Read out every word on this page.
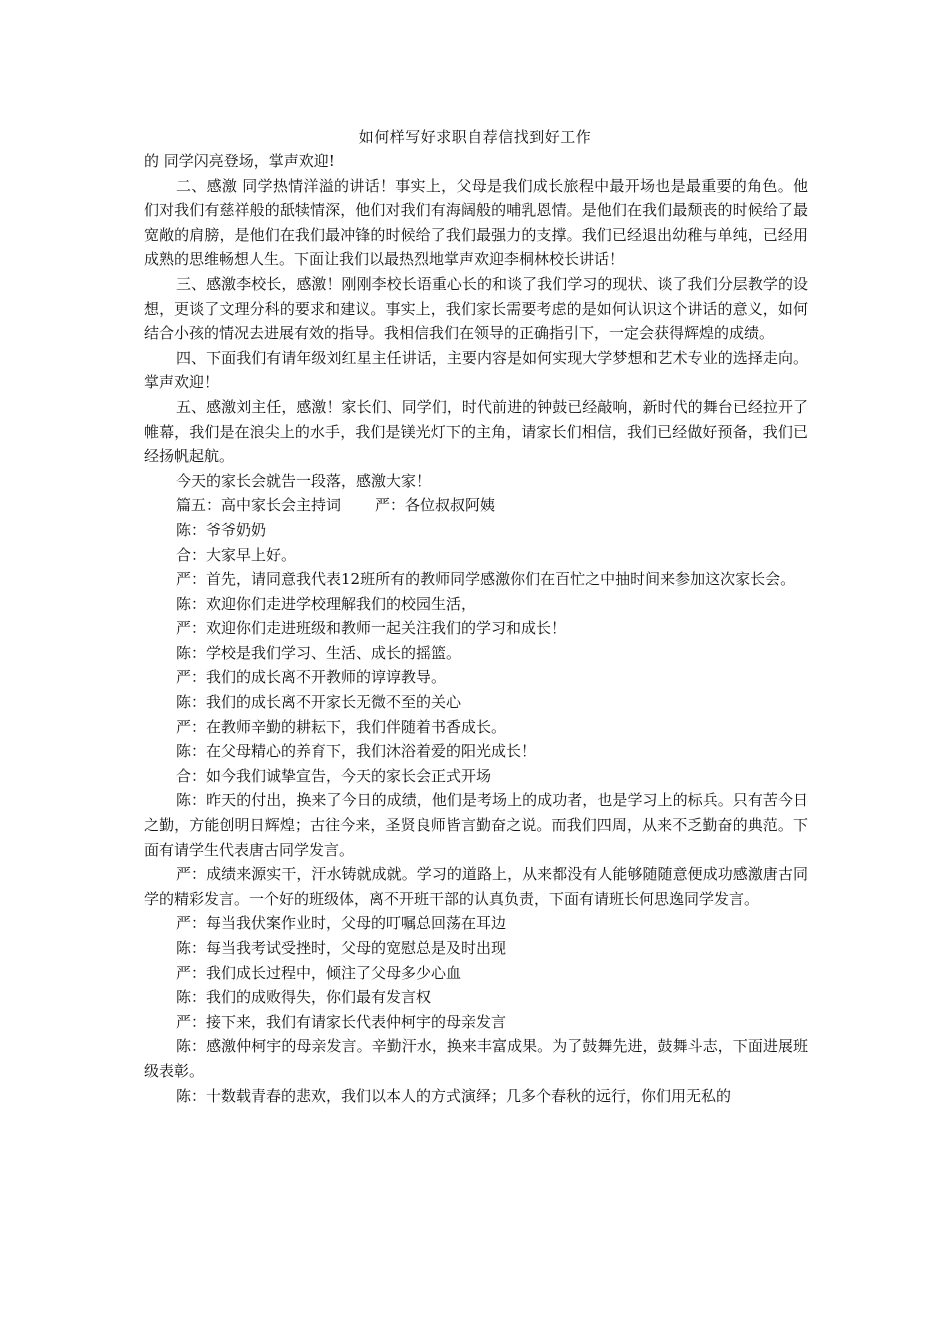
如何样写好求职自荐信找到好工作

的 同学闪亮登场，掌声欢迎!

二、感激 同学热情洋溢的讲话！事实上，父母是我们成长旅程中最开场也是最重要的角色。他们对我们有慈祥般的舐犊情深，他们对我们有海阔般的哺乳恩情。是他们在我们最颓丧的时候给了最宽敞的肩膀，是他们在我们最冲锋的时候给了我们最强力的支撑。我们已经退出幼稚与单纯，已经用成熟的思维畅想人生。下面让我们以最热烈地掌声欢迎李桐林校长讲话！

三、感激李校长，感激！刚刚李校长语重心长的和谈了我们学习的现状、谈了我们分层教学的设想，更谈了文理分科的要求和建议。事实上，我们家长需要考虑的是如何认识这个讲话的意义，如何结合小孩的情况去进展有效的指导。我相信我们在领导的正确指引下，一定会获得辉煌的成绩。

四、下面我们有请年级刘红星主任讲话，主要内容是如何实现大学梦想和艺术专业的选择走向。掌声欢迎！

五、感激刘主任，感激！家长们、同学们，时代前进的钟鼓已经敲响，新时代的舞台已经拉开了帷幕，我们是在浪尖上的水手，我们是镁光灯下的主角，请家长们相信，我们已经做好预备，我们已经扬帆起航。

今天的家长会就告一段落，感激大家！

篇五：高中家长会主持词 严：各位叔叔阿姨

陈：爷爷奶奶

合：大家早上好。

严：首先，请同意我代表12班所有的教师同学感激你们在百忙之中抽时间来参加这次家长会。

陈：欢迎你们走进学校理解我们的校园生活，

严：欢迎你们走进班级和教师一起关注我们的学习和成长！

陈：学校是我们学习、生活、成长的摇篮。

严：我们的成长离不开教师的谆谆教导。

陈：我们的成长离不开家长无微不至的关心

严：在教师辛勤的耕耘下，我们伴随着书香成长。

陈：在父母精心的养育下，我们沐浴着爱的阳光成长！

合：如今我们诚挚宣告，今天的家长会正式开场

陈：昨天的付出，换来了今日的成绩，他们是考场上的成功者，也是学习上的标兵。只有苦今日之勤，方能创明日辉煌；古往今来，圣贤良师皆言勤奋之说。而我们四周，从来不乏勤奋的典范。下面有请学生代表唐古同学发言。

严：成绩来源实干，汗水铸就成就。学习的道路上，从来都没有人能够随随意便成功感激唐古同学的精彩发言。一个好的班级体，离不开班干部的认真负责，下面有请班长何思逸同学发言。

严：每当我伏案作业时，父母的叮嘱总回荡在耳边

陈：每当我考试受挫时，父母的宽慰总是及时出现

严：我们成长过程中，倾注了父母多少心血

陈：我们的成败得失，你们最有发言权

严：接下来，我们有请家长代表仲柯宇的母亲发言

陈：感激仲柯宇的母亲发言。辛勤汗水，换来丰富成果。为了鼓舞先进，鼓舞斗志，下面进展班级表彰。

陈：十数载青春的悲欢，我们以本人的方式演绎；几多个春秋的远行，你们用无私的
